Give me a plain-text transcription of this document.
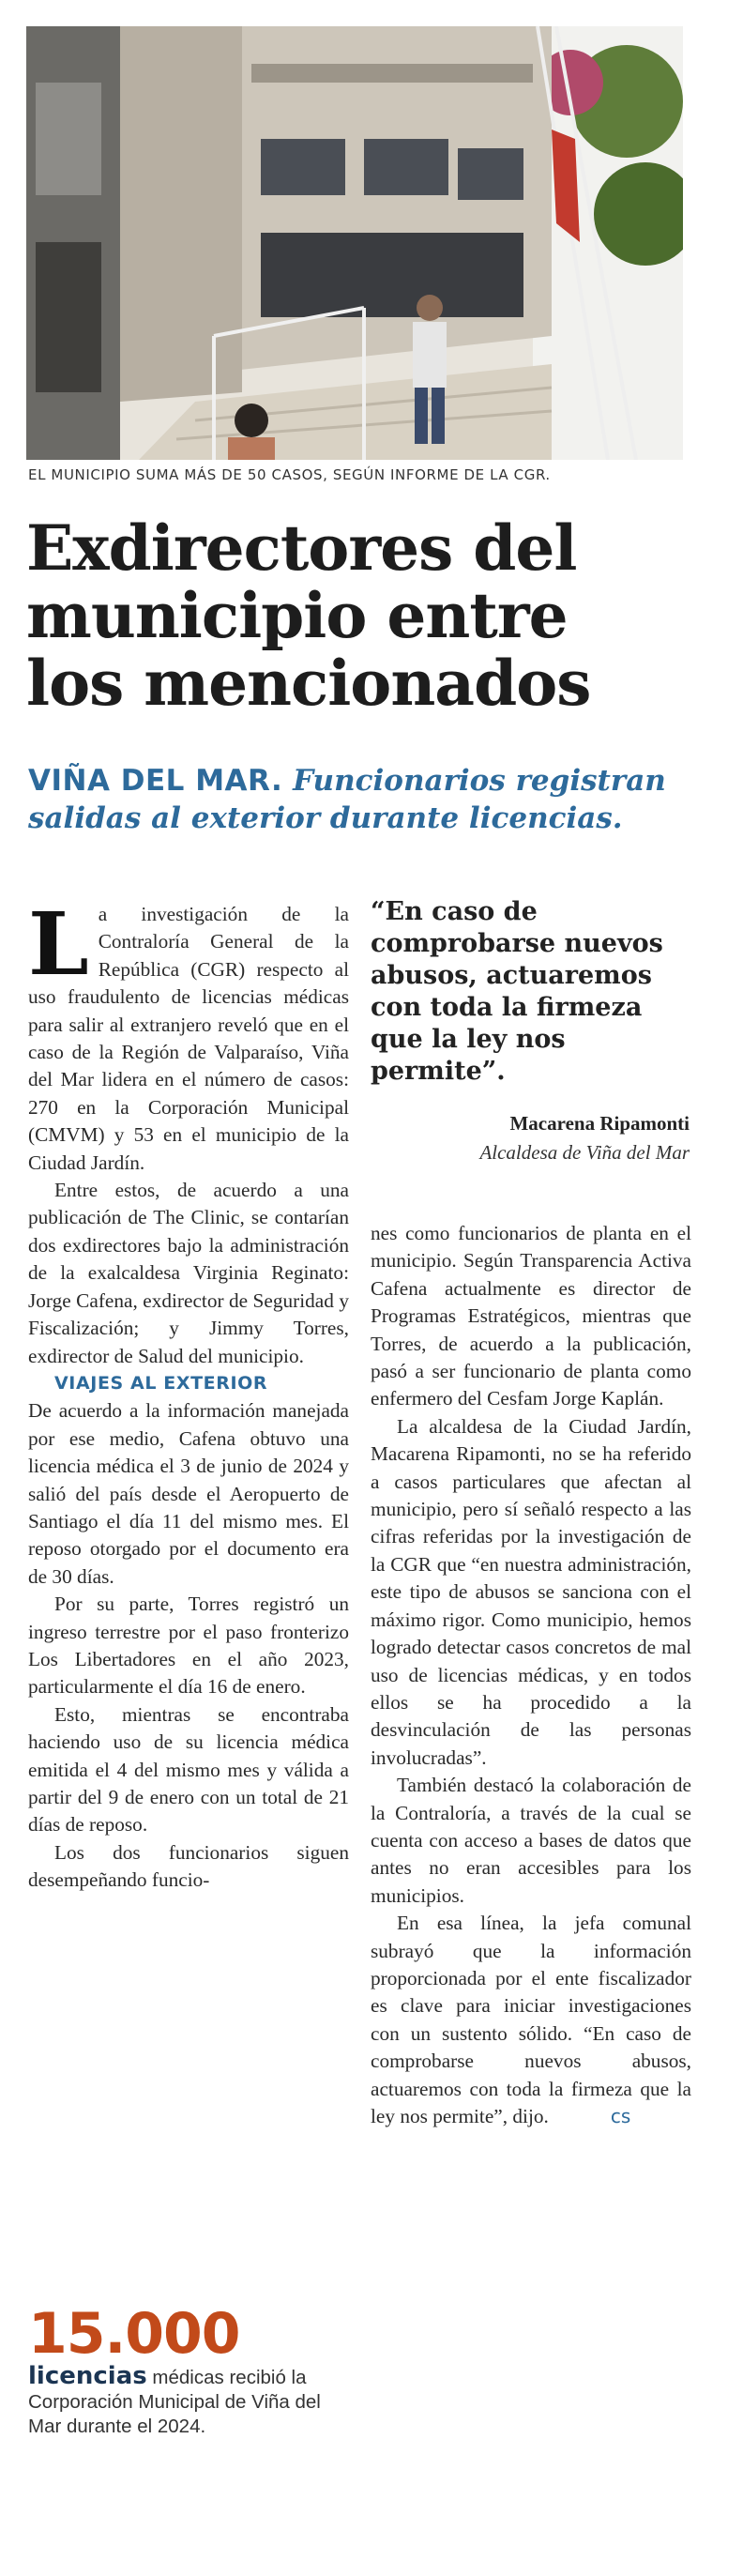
EL MUNICIPIO SUMA MÁS DE 50 CASOS, SEGÚN INFORME DE LA CGR.
Exdirectores del
municipio entre
los mencionados
VIÑA DEL MAR. Funcionarios registran
salidas al exterior durante licencias.

La investigación de la Contraloría General de la República (CGR) respecto al uso fraudulento de licencias médicas para salir al extranjero reveló que en el caso de la Región de Valparaíso, Viña del Mar lidera en el número de casos: 270 en la Corporación Municipal (CMVM) y 53 en el municipio de la Ciudad Jardín.

Entre estos, de acuerdo a una publicación de The Clinic, se contarían dos exdirectores bajo la administración de la exalcaldesa Virginia Reginato: Jorge Cafena, exdirector de Seguridad y Fiscalización; y Jimmy Torres, exdirector de Salud del municipio.

VIAJES AL EXTERIOR

De acuerdo a la información manejada por ese medio, Cafena obtuvo una licencia médica el 3 de junio de 2024 y salió del país desde el Aeropuerto de Santiago el día 11 del mismo mes. El reposo otorgado por el documento era de 30 días.

Por su parte, Torres registró un ingreso terrestre por el paso fronterizo Los Libertadores en el año 2023, particularmente el día 16 de enero.

Esto, mientras se encontraba haciendo uso de su licencia médica emitida el 4 del mismo mes y válida a partir del 9 de enero con un total de 21 días de reposo.

Los dos funcionarios siguen desempeñando funcio-

“En caso de comprobarse nuevos abusos, actuaremos con toda la firmeza que la ley nos permite”.
Macarena Ripamonti
Alcaldesa de Viña del Mar

nes como funcionarios de planta en el municipio. Según Transparencia Activa Cafena actualmente es director de Programas Estratégicos, mientras que Torres, de acuerdo a la publicación, pasó a ser funcionario de planta como enfermero del Cesfam Jorge Kaplán.

La alcaldesa de la Ciudad Jardín, Macarena Ripamonti, no se ha referido a casos particulares que afectan al municipio, pero sí señaló respecto a las cifras referidas por la investigación de la CGR que “en nuestra administración, este tipo de abusos se sanciona con el máximo rigor. Como municipio, hemos logrado detectar casos concretos de mal uso de licencias médicas, y en todos ellos se ha procedido a la desvinculación de las personas involucradas”.

También destacó la colaboración de la Contraloría, a través de la cual se cuenta con acceso a bases de datos que antes no eran accesibles para los municipios.

En esa línea, la jefa comunal subrayó que la información proporcionada por el ente fiscalizador es clave para iniciar investigaciones con un sustento sólido. “En caso de comprobarse nuevos abusos, actuaremos con toda la firmeza que la ley nos permite”, dijo.	cs

15.000
licencias médicas recibió la Corporación Municipal de Viña del Mar durante el 2024.
